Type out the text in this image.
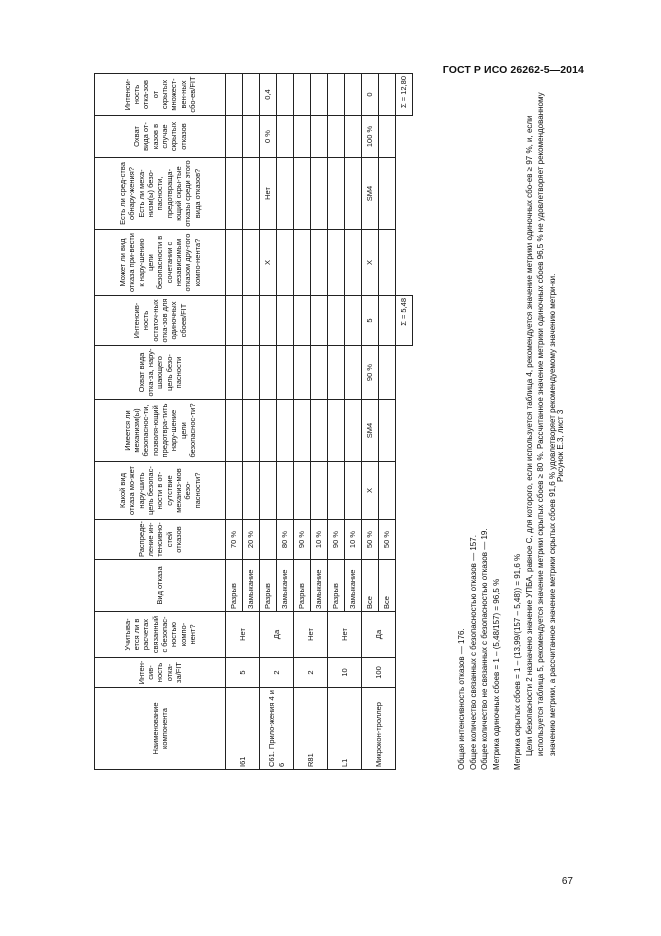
ГОСТ Р ИСО 26262-5—2014
Наименование компонента	Интен-сив-ность отка-за/FIT	Учитыва-ется ли в расчетах связанный с безопас-ностью компо-нент?	Вид отказа	Распреде-ление ин-тенсивно-стей отказов	Какой вид отказа мо-жет нару-шить цель безопас-ности в от-сутствие механиз-мов безо-пасности?	Имеется ли механизм(ы) безопаснос-ти, позволя-ющий предотвра-тить нару-шение цели безопаснос-ти?	Охват вида отка-за, нару-шающего цель безо-пасности	Интенсив-ность остаточ-ных отка-зов для одиночных сбоев/FIT	Может ли вид отказа при-вести к нару-шению цели безопасности в сочетании с независимым отказом дру-гого компо-нента?	Есть ли сред-ства обнару-жения? Есть ли меха-низм(ы) безо-пасности, предотвраща-ющий скры-тые отказы среди этого вида отказов?	Охват вида от-казов в случае скрытых отказов	Интенси-ность отка-зов от скрытых множест-вен-ных сбо-ев/FIT
I61	5	Нет	Разрыв	70 %								
			Замыкание	20 %								
C61. Прило-жения 4 и 6	2	Да	Разрыв						X	Нет	0 %	0,4
			Замыкание	80 %								
R81	2	Нет	Разрыв	90 %								
			Замыкание	10 %								
L1	10	Нет	Разрыв	90 %								
			Замыкание	10 %								
Микрокон-троллер	100	Да	Все	50 %	X	SM4	90 %	5	X	SM4	100 %	0
			Все	50 %								
								Σ = 5,48				Σ = 12,80

Общая интенсивность отказов — 176. Общее количество связанных с безопасностью отказов — 157. Общее количество не связанных с безопасностью отказов — 19. Метрика одиночных сбоев = 1 – (5,48/157) = 96,5 % Метрика скрытых сбоев = 1 – (13,99/(157 – 5,48)) = 91,6 % Цели безопасности 2 назначено значение УПБА, равное С, для которого, если используется таблица 4, рекомендуется значение метрики одиночных сбо-ев ≥ 97 %, и, если используется таблица 5, рекомендуется значение метрики скрытых сбоев ≥ 80 %. Рассчитанное значение метрики одиночных сбоев 96,5 % не удовлетворяет рекомендованному значению метрики, а рассчитанное значение метрики скрытых сбоев 91,6 % удовлетворяет рекомендуемому значению метри-ки. Рисунок Е.3, лист 3
67
